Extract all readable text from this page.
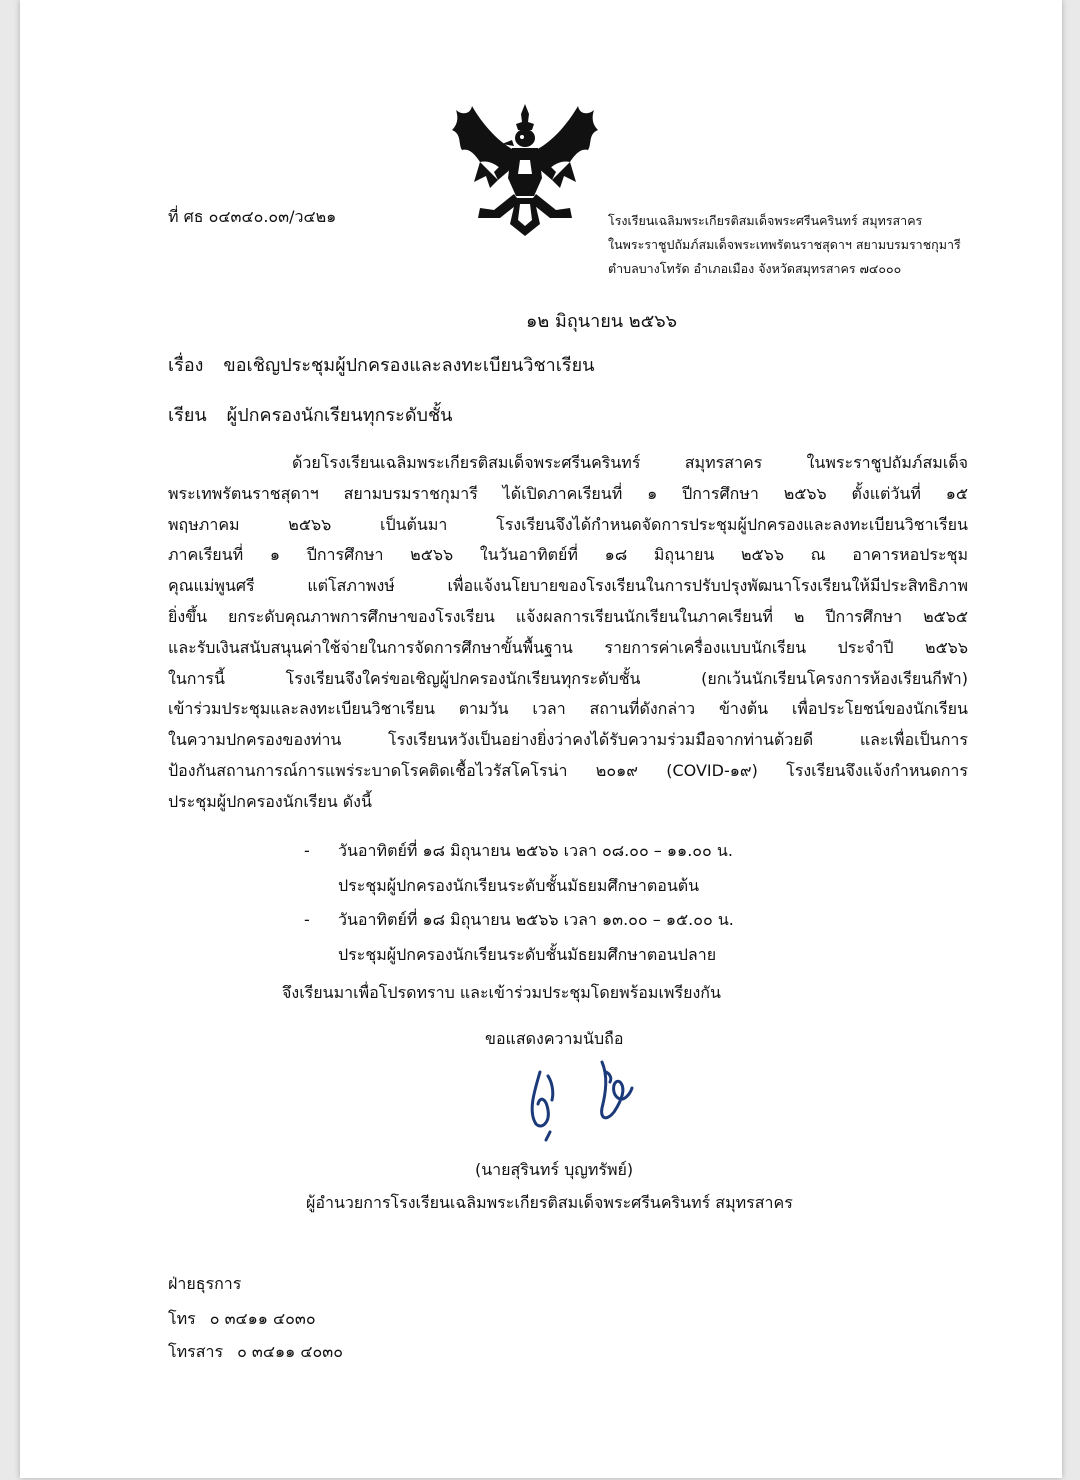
ที่ ศธ ๐๔๓๔๐.๐๓/ว๔๒๑	โรงเรียนเฉลิมพระเกียรติสมเด็จพระศรีนครินทร์ สมุทรสาคร
ในพระราชูปถัมภ์สมเด็จพระเทพรัตนราชสุดาฯ สยามบรมราชกุมารี
ตำบลบางโทรัด อำเภอเมือง จังหวัดสมุทรสาคร ๗๔๐๐๐
๑๒ มิถุนายน ๒๕๖๖
เรื่อง ขอเชิญประชุมผู้ปกครองและลงทะเบียนวิชาเรียน
เรียน ผู้ปกครองนักเรียนทุกระดับชั้น
ด้วยโรงเรียนเฉลิมพระเกียรติสมเด็จพระศรีนครินทร์ สมุทรสาคร ในพระราชูปถัมภ์สมเด็จ
พระเทพรัตนราชสุดาฯ สยามบรมราชกุมารี ได้เปิดภาคเรียนที่ ๑ ปีการศึกษา ๒๕๖๖ ตั้งแต่วันที่ ๑๕
พฤษภาคม ๒๕๖๖ เป็นต้นมา โรงเรียนจึงได้กำหนดจัดการประชุมผู้ปกครองและลงทะเบียนวิชาเรียน
ภาคเรียนที่ ๑ ปีการศึกษา ๒๕๖๖ ในวันอาทิตย์ที่ ๑๘ มิถุนายน ๒๕๖๖ ณ อาคารหอประชุม
คุณแม่พูนศรี แต่โสภาพงษ์ เพื่อแจ้งนโยบายของโรงเรียนในการปรับปรุงพัฒนาโรงเรียนให้มีประสิทธิภาพ
ยิ่งขึ้น ยกระดับคุณภาพการศึกษาของโรงเรียน แจ้งผลการเรียนนักเรียนในภาคเรียนที่ ๒ ปีการศึกษา ๒๕๖๕
และรับเงินสนับสนุนค่าใช้จ่ายในการจัดการศึกษาขั้นพื้นฐาน รายการค่าเครื่องแบบนักเรียน ประจำปี ๒๕๖๖
ในการนี้ โรงเรียนจึงใคร่ขอเชิญผู้ปกครองนักเรียนทุกระดับชั้น (ยกเว้นนักเรียนโครงการห้องเรียนกีฬา)
เข้าร่วมประชุมและลงทะเบียนวิชาเรียน ตามวัน เวลา สถานที่ดังกล่าว ข้างต้น เพื่อประโยชน์ของนักเรียน
ในความปกครองของท่าน โรงเรียนหวังเป็นอย่างยิ่งว่าคงได้รับความร่วมมือจากท่านด้วยดี และเพื่อเป็นการ
ป้องกันสถานการณ์การแพร่ระบาดโรคติดเชื้อไวรัสโคโรน่า ๒๐๑๙ (COVID-๑๙) โรงเรียนจึงแจ้งกำหนดการ
ประชุมผู้ปกครองนักเรียน ดังนี้
- วันอาทิตย์ที่ ๑๘ มิถุนายน ๒๕๖๖ เวลา ๐๘.๐๐ – ๑๑.๐๐ น.
ประชุมผู้ปกครองนักเรียนระดับชั้นมัธยมศึกษาตอนต้น
- วันอาทิตย์ที่ ๑๘ มิถุนายน ๒๕๖๖ เวลา ๑๓.๐๐ – ๑๕.๐๐ น.
ประชุมผู้ปกครองนักเรียนระดับชั้นมัธยมศึกษาตอนปลาย
จึงเรียนมาเพื่อโปรดทราบ และเข้าร่วมประชุมโดยพร้อมเพรียงกัน
ขอแสดงความนับถือ
(นายสุรินทร์ บุญทรัพย์)
ผู้อำนวยการโรงเรียนเฉลิมพระเกียรติสมเด็จพระศรีนครินทร์ สมุทรสาคร
ฝ่ายธุรการ
โทร ๐ ๓๔๑๑ ๔๐๓๐
โทรสาร ๐ ๓๔๑๑ ๔๐๓๐
